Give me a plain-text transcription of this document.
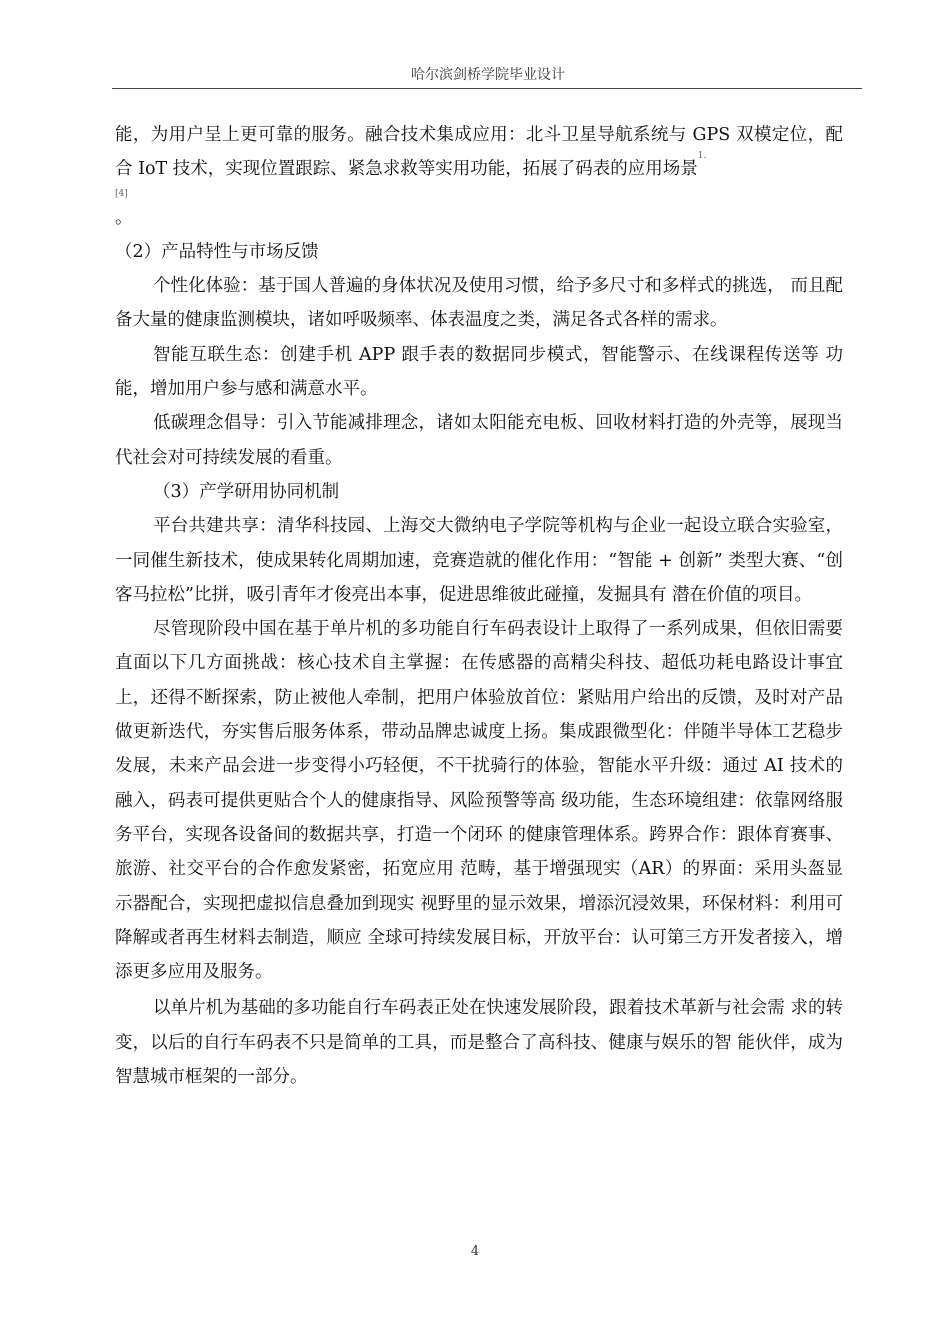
哈尔滨剑桥学院毕业设计

能，为用户呈上更可靠的服务。融合技术集成应用：北斗卫星导航系统与 GPS 双模定位，配合 IoT 技术，实现位置跟踪、紧急求救等实用功能，拓展了码表的应用场景$^{1.}$
[4]
。

（2）产品特性与市场反馈

个性化体验：基于国人普遍的身体状况及使用习惯，给予多尺寸和多样式的挑选， 而且配备大量的健康监测模块，诸如呼吸频率、体表温度之类，满足各式各样的需求。

智能互联生态：创建手机 APP 跟手表的数据同步模式，智能警示、在线课程传送等 功能，增加用户参与感和满意水平。

低碳理念倡导：引入节能减排理念，诸如太阳能充电板、回收材料打造的外壳等，展现当代社会对可持续发展的看重。

（3）产学研用协同机制

平台共建共享：清华科技园、上海交大微纳电子学院等机构与企业一起设立联合实验室，一同催生新技术，使成果转化周期加速，竞赛造就的催化作用：“智能 + 创新” 类型大赛、“创客马拉松”比拼，吸引青年才俊亮出本事，促进思维彼此碰撞，发掘具有 潜在价值的项目。

尽管现阶段中国在基于单片机的多功能自行车码表设计上取得了一系列成果，但依旧需要直面以下几方面挑战：核心技术自主掌握：在传感器的高精尖科技、超低功耗电路设计事宜上，还得不断探索，防止被他人牵制，把用户体验放首位：紧贴用户给出的反馈，及时对产品做更新迭代，夯实售后服务体系，带动品牌忠诚度上扬。集成跟微型化：伴随半导体工艺稳步发展，未来产品会进一步变得小巧轻便，不干扰骑行的体验，智能水平升级：通过 AI 技术的融入，码表可提供更贴合个人的健康指导、风险预警等高 级功能，生态环境组建：依靠网络服务平台，实现各设备间的数据共享，打造一个闭环 的健康管理体系。跨界合作：跟体育赛事、旅游、社交平台的合作愈发紧密，拓宽应用 范畴，基于增强现实（AR）的界面：采用头盔显示器配合，实现把虚拟信息叠加到现实 视野里的显示效果，增添沉浸效果，环保材料：利用可降解或者再生材料去制造，顺应 全球可持续发展目标，开放平台：认可第三方开发者接入，增添更多应用及服务。

以单片机为基础的多功能自行车码表正处在快速发展阶段，跟着技术革新与社会需 求的转变，以后的自行车码表不只是简单的工具，而是整合了高科技、健康与娱乐的智 能伙伴，成为智慧城市框架的一部分。

4
